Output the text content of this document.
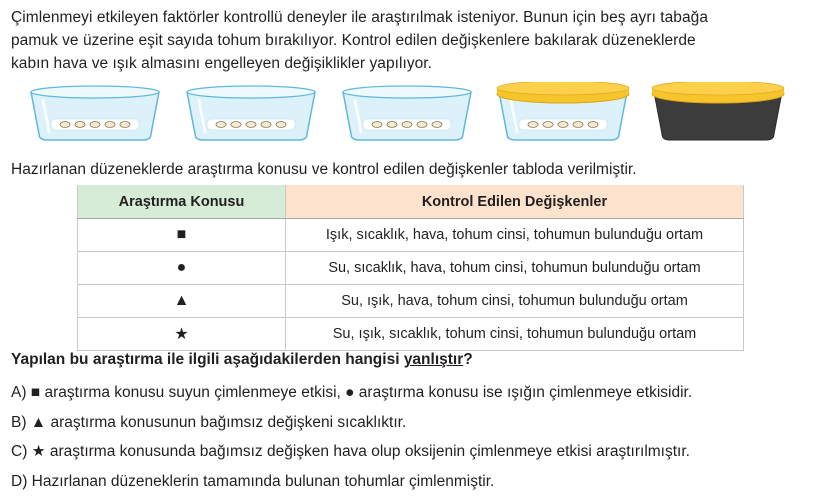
Çimlenmeyi etkileyen faktörler kontrollü deneyler ile araştırılmak isteniyor. Bunun için beş ayrı tabağa
pamuk ve üzerine eşit sayıda tohum bırakılıyor. Kontrol edilen değişkenlere bakılarak düzeneklerde
kabın hava ve ışık almasını engelleyen değişiklikler yapılıyor.
Hazırlanan düzeneklerde araştırma konusu ve kontrol edilen değişkenler tabloda verilmiştir.
Araştırma Konusu	Kontrol Edilen Değişkenler
■	Işık, sıcaklık, hava, tohum cinsi, tohumun bulunduğu ortam
●	Su, sıcaklık, hava, tohum cinsi, tohumun bulunduğu ortam
▲	Su, ışık, hava, tohum cinsi, tohumun bulunduğu ortam
★	Su, ışık, sıcaklık, tohum cinsi, tohumun bulunduğu ortam
Yapılan bu araştırma ile ilgili aşağıdakilerden hangisi yanlıştır?
A) ■ araştırma konusu suyun çimlenmeye etkisi, ● araştırma konusu ise ışığın çimlenmeye etkisidir.
B) ▲ araştırma konusunun bağımsız değişkeni sıcaklıktır.
C) ★ araştırma konusunda bağımsız değişken hava olup oksijenin çimlenmeye etkisi araştırılmıştır.
D) Hazırlanan düzeneklerin tamamında bulunan tohumlar çimlenmiştir.
